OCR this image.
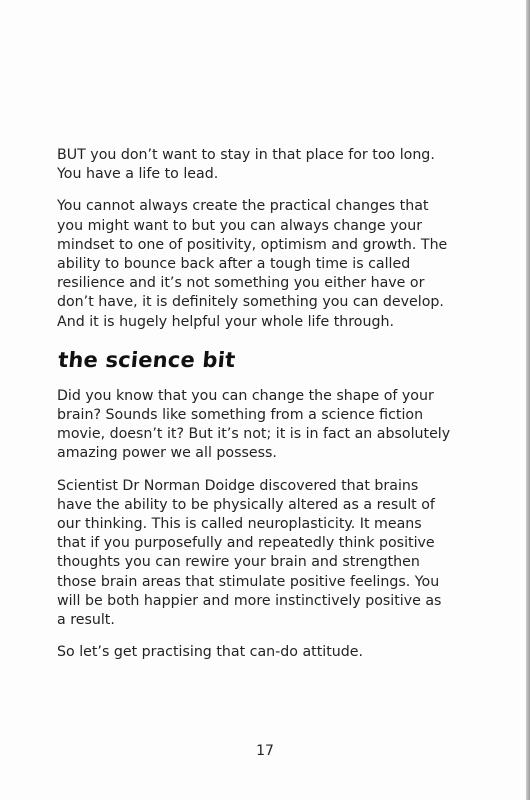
BUT you don’t want to stay in that place for too long. You have a life to lead.

You cannot always create the practical changes that you might want to but you can always change your mindset to one of positivity, optimism and growth. The ability to bounce back after a tough time is called resilience and it’s not something you either have or don’t have, it is definitely something you can develop. And it is hugely helpful your whole life through.

the science bit

Did you know that you can change the shape of your brain? Sounds like something from a science fiction movie, doesn’t it? But it’s not; it is in fact an absolutely amazing power we all possess.

Scientist Dr Norman Doidge discovered that brains have the ability to be physically altered as a result of our thinking. This is called neuroplasticity. It means that if you purposefully and repeatedly think positive thoughts you can rewire your brain and strengthen those brain areas that stimulate positive feelings. You will be both happier and more instinctively positive as a result.

So let’s get practising that can-do attitude.

17
